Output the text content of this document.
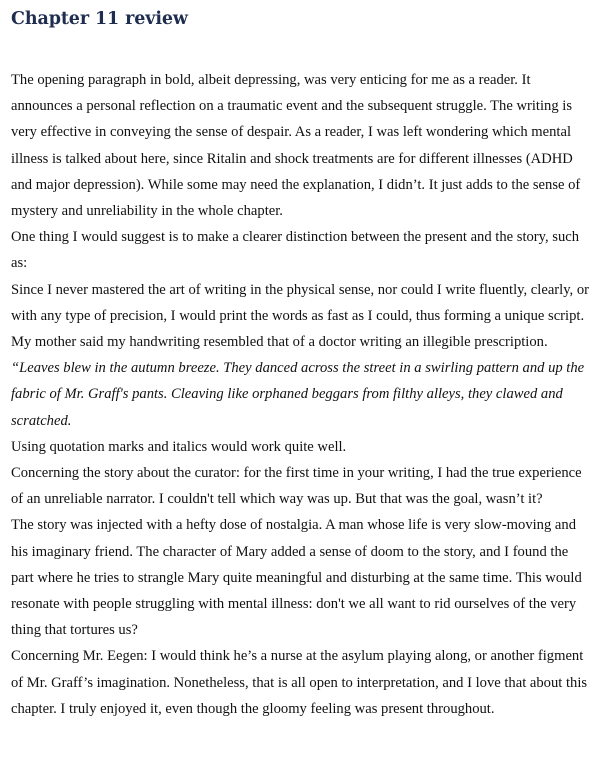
Chapter 11 review

The opening paragraph in bold, albeit depressing, was very enticing for me as a reader. It announces a personal reflection on a traumatic event and the subsequent struggle. The writing is very effective in conveying the sense of despair. As a reader, I was left wondering which mental illness is talked about here, since Ritalin and shock treatments are for different illnesses (ADHD and major depression). While some may need the explanation, I didn’t. It just adds to the sense of mystery and unreliability in the whole chapter.

One thing I would suggest is to make a clearer distinction between the present and the story, such as:

Since I never mastered the art of writing in the physical sense, nor could I write fluently, clearly, or with any type of precision, I would print the words as fast as I could, thus forming a unique script. My mother said my handwriting resembled that of a doctor writing an illegible prescription.

“Leaves blew in the autumn breeze. They danced across the street in a swirling pattern and up the fabric of Mr. Graff's pants. Cleaving like orphaned beggars from filthy alleys, they clawed and scratched.

Using quotation marks and italics would work quite well.

Concerning the story about the curator: for the first time in your writing, I had the true experience of an unreliable narrator. I couldn't tell which way was up. But that was the goal, wasn’t it?

The story was injected with a hefty dose of nostalgia. A man whose life is very slow-moving and his imaginary friend. The character of Mary added a sense of doom to the story, and I found the part where he tries to strangle Mary quite meaningful and disturbing at the same time. This would resonate with people struggling with mental illness: don't we all want to rid ourselves of the very thing that tortures us?

Concerning Mr. Eegen: I would think he’s a nurse at the asylum playing along, or another figment of Mr. Graff’s imagination. Nonetheless, that is all open to interpretation, and I love that about this chapter. I truly enjoyed it, even though the gloomy feeling was present throughout.
